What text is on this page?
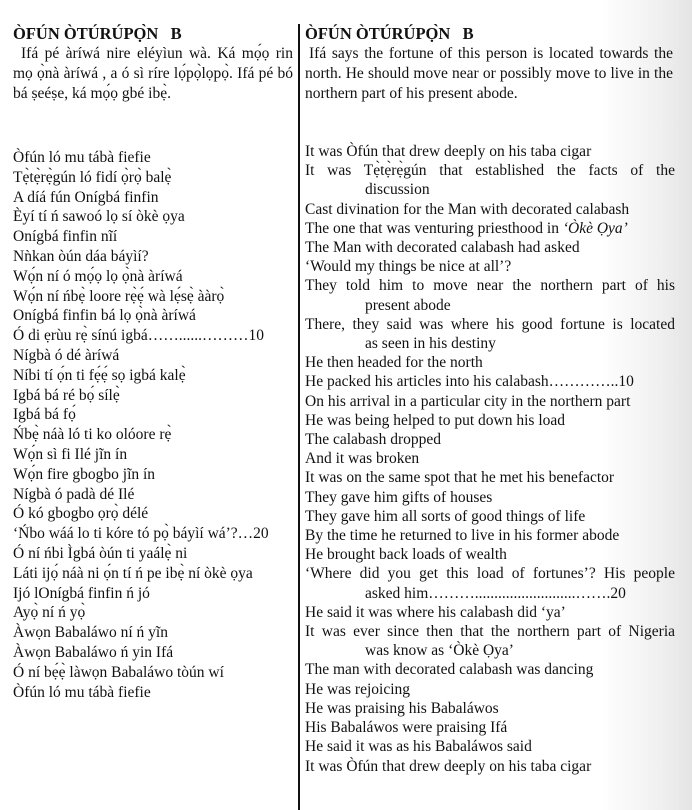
ÒFÚN ÒTÚRÚPỌ̀N   B
Ifá pé àríwá nire eléyìun wà. Ká mọ́ọ rin mọ ọ̀nà àríwá , a ó sì ríre lọ́pọ̀lọpọ̀. Ifá pé bó bá ṣeéṣe, ká mọ́ọ gbé ibẹ̀.
ÒFÚN ÒTÚRÚPỌ̀N   B
Ifá says the fortune of this person is located towards the north. He should move near or possibly move to live in the northern part of his present abode.
Òfún ló mu tábà fiefie
Tẹ̀tẹ̀rẹ̀gún ló fidí ọ̀rọ̀ balẹ̀
A díá fún Onígbá finfin
Èyí tí ń sawoó lọ sí òkè ọya
Onígbá finfin nĩí
Nǹkan òún dáa báyìí?
Wọ́n ní ó mọ́ọ lọ ọ̀nà àríwá
Wọ́n ní ńbẹ̀ loore rẹ̀ẹ́ wà lẹ́sẹ̀ ààrọ̀
Onígbá finfin bá lọ ọ̀nà àríwá
Ó di ẹrùu rẹ̀ sínú igbá……......………10
Nígbà ó dé àríwá
Níbi tí ọ́n ti fẹ́ẹ́ sọ igbá kalẹ̀
Igbá bá ré bọ́ sílẹ̀
Igbá bá fọ́
Ńbẹ̀ náà ló ti ko olóore rẹ̀
Wọ́n sì fi Ilé jĩn ín
Wọ́n fire gbogbo jĩn ín
Nígbà ó padà dé Ilé
Ó kó gbogbo ọrọ̀ délé
‘Ńbo wáá lo ti kóre tó pọ̀ báyìí wá’?…20
Ó ní ńbi Ìgbá òún ti yaálẹ̀ ni
Láti ijọ́ náà ni ọ́n tí ń pe ibẹ̀ ní òkè ọya
Ijó lOnígbá finfin ń jó
Ayọ̀ ní ń yọ̀
Àwọn Babaláwo ní ń yĩn
Àwọn Babaláwo ń yin Ifá
Ó ní bẹ́ẹ̀ làwọn Babaláwo tòún wí
Òfún ló mu tábà fiefie
It was Òfún that drew deeply on his taba cigar
It was Tẹ̀tẹ̀rẹ̀gún that established the facts of the
discussion
Cast divination for the Man with decorated calabash
The one that was venturing priesthood in ‘Òkè Ọya’
The Man with decorated calabash had asked
‘Would my things be nice at all’?
They told him to move near the northern part of his
present abode
There, they said was where his good fortune is located
as seen in his destiny
He then headed for the north
He packed his articles into his calabash…………..10
On his arrival in a particular city in the northern part
He was being helped to put down his load
The calabash dropped
And it was broken
It was on the same spot that he met his benefactor
They gave him gifts of houses
They gave him all sorts of good things of life
By the time he returned to live in his former abode
He brought back loads of wealth
‘Where did you get this load of fortunes’? His people
asked him………..........................…….20
He said it was where his calabash did ‘ya’
It was ever since then that the northern part of Nigeria
was know as ‘Òkè Ọya’
The man with decorated calabash was dancing
He was rejoicing
He was praising his Babaláwos
His Babaláwos were praising Ifá
He said it was as his Babaláwos said
It was Òfún that drew deeply on his taba cigar
